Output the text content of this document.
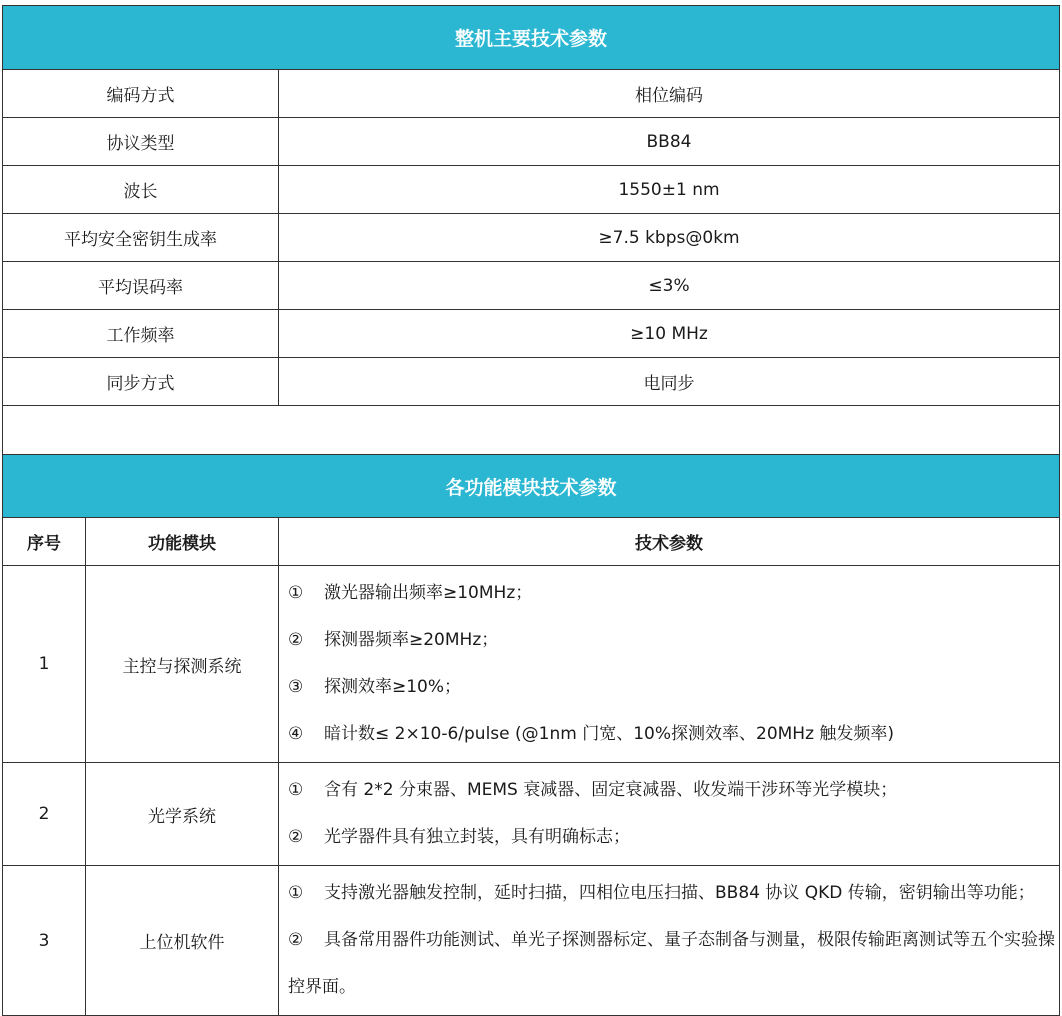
整机主要技术参数		
编码方式		相位编码
协议类型		BB84
波长		1550±1 nm
平均安全密钥生成率		≥7.5 kbps@0km
平均误码率		≤3%
工作频率		≥10 MHz
同步方式		电同步

各功能模块技术参数		
序号	功能模块	技术参数
1	主控与探测系统	① 激光器输出频率≥10MHz；
② 探测器频率≥20MHz；
③ 探测效率≥10%；
④ 暗计数≤ 2×10-6/pulse (@1nm 门宽、10%探测效率、20MHz 触发频率)

2	光学系统	① 含有 2*2 分束器、MEMS 衰减器、固定衰减器、收发端干涉环等光学模块；
② 光学器件具有独立封装，具有明确标志；

3	上位机软件	① 支持激光器触发控制，延时扫描，四相位电压扫描、BB84 协议 QKD 传输，密钥输出等功能；
② 具备常用器件功能测试、单光子探测器标定、量子态制备与测量，极限传输距离测试等五个实验操控界面。
